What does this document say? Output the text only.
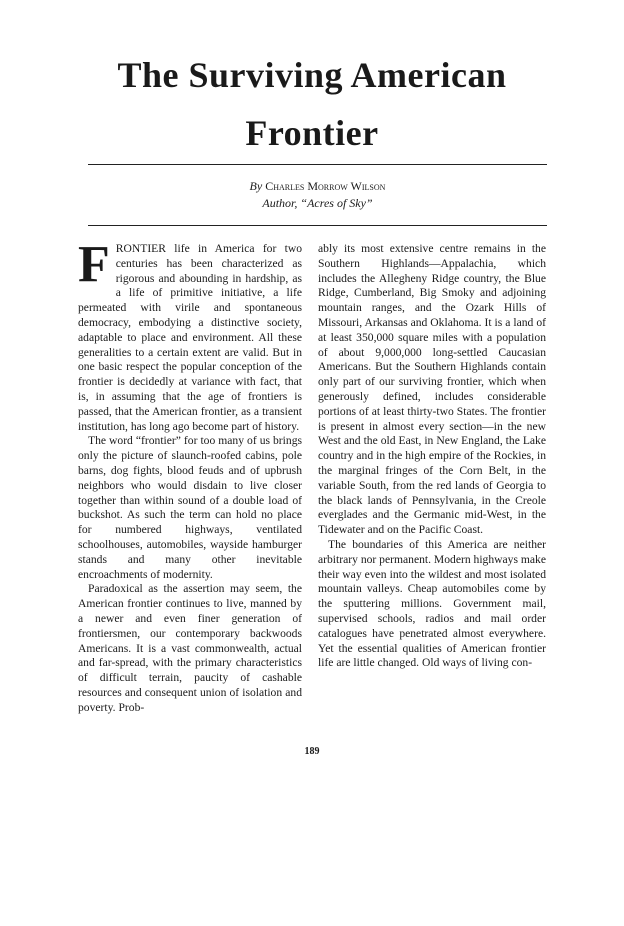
The Surviving American
Frontier
By Charles Morrow Wilson
Author, “Acres of Sky”

FRONTIER life in America for two centuries has been characterized as rigorous and abounding in hardship, as a life of primitive initiative, a life permeated with virile and spontaneous democracy, embodying a distinctive society, adaptable to place and environment. All these generalities to a certain extent are valid. But in one basic respect the popular conception of the frontier is decidedly at variance with fact, that is, in assuming that the age of frontiers is passed, that the American frontier, as a transient institution, has long ago become part of history.

The word “frontier” for too many of us brings only the picture of slaunch-roofed cabins, pole barns, dog fights, blood feuds and of upbrush neighbors who would disdain to live closer together than within sound of a double load of buckshot. As such the term can hold no place for numbered highways, ventilated schoolhouses, automobiles, wayside hamburger stands and many other inevitable encroachments of modernity.

Paradoxical as the assertion may seem, the American frontier continues to live, manned by a newer and even finer generation of frontiersmen, our contemporary backwoods Americans. It is a vast commonwealth, actual and far-spread, with the primary characteristics of difficult terrain, paucity of cashable resources and consequent union of isolation and poverty. Prob-

ably its most extensive centre remains in the Southern Highlands—Appalachia, which includes the Allegheny Ridge country, the Blue Ridge, Cumberland, Big Smoky and adjoining mountain ranges, and the Ozark Hills of Missouri, Arkansas and Oklahoma. It is a land of at least 350,000 square miles with a population of about 9,000,000 long-settled Caucasian Americans. But the Southern Highlands contain only part of our surviving frontier, which when generously defined, includes considerable portions of at least thirty-two States. The frontier is present in almost every section—in the new West and the old East, in New England, the Lake country and in the high empire of the Rockies, in the marginal fringes of the Corn Belt, in the variable South, from the red lands of Georgia to the black lands of Pennsylvania, in the Creole everglades and the Germanic mid-West, in the Tidewater and on the Pacific Coast.

The boundaries of this America are neither arbitrary nor permanent. Modern highways make their way even into the wildest and most isolated mountain valleys. Cheap automobiles come by the sputtering millions. Government mail, supervised schools, radios and mail order catalogues have penetrated almost everywhere. Yet the essential qualities of American frontier life are little changed. Old ways of living con-

189
